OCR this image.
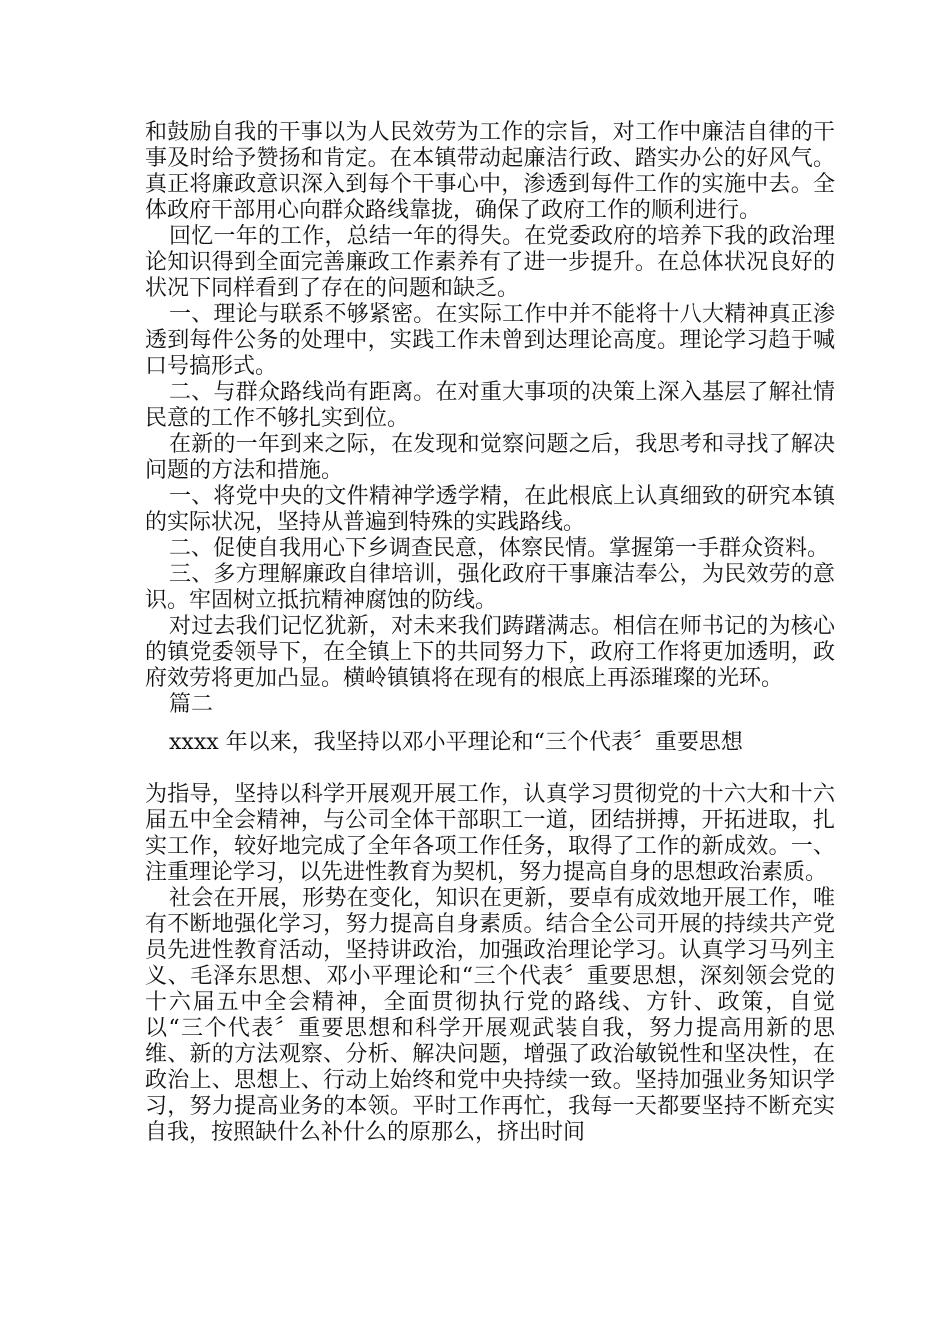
和鼓励自我的干事以为人民效劳为工作的宗旨，对工作中廉洁自律的干事及时给予赞扬和肯定。在本镇带动起廉洁行政、踏实办公的好风气。真正将廉政意识深入到每个干事心中，渗透到每件工作的实施中去。全体政府干部用心向群众路线靠拢，确保了政府工作的顺利进行。

回忆一年的工作，总结一年的得失。在党委政府的培养下我的政治理论知识得到全面完善廉政工作素养有了进一步提升。在总体状况良好的状况下同样看到了存在的问题和缺乏。

一、理论与联系不够紧密。在实际工作中并不能将十八大精神真正渗透到每件公务的处理中，实践工作未曾到达理论高度。理论学习趋于喊口号搞形式。

二、与群众路线尚有距离。在对重大事项的决策上深入基层了解社情民意的工作不够扎实到位。

在新的一年到来之际，在发现和觉察问题之后，我思考和寻找了解决问题的方法和措施。

一、将党中央的文件精神学透学精，在此根底上认真细致的研究本镇的实际状况，坚持从普遍到特殊的实践路线。

二、促使自我用心下乡调查民意，体察民情。掌握第一手群众资料。

三、多方理解廉政自律培训，强化政府干事廉洁奉公，为民效劳的意识。牢固树立抵抗精神腐蚀的防线。

对过去我们记忆犹新，对未来我们踌躇满志。相信在师书记的为核心的镇党委领导下，在全镇上下的共同努力下，政府工作将更加透明，政府效劳将更加凸显。横岭镇镇将在现有的根底上再添璀璨的光环。

篇二

xxxx 年以来，我坚持以邓小平理论和“三个代表〞重要思想

为指导，坚持以科学开展观开展工作，认真学习贯彻党的十六大和十六届五中全会精神，与公司全体干部职工一道，团结拼搏，开拓进取，扎实工作，较好地完成了全年各项工作任务，取得了工作的新成效。一、注重理论学习，以先进性教育为契机，努力提高自身的思想政治素质。

社会在开展，形势在变化，知识在更新，要卓有成效地开展工作，唯有不断地强化学习，努力提高自身素质。结合全公司开展的持续共产党员先进性教育活动，坚持讲政治，加强政治理论学习。认真学习马列主义、毛泽东思想、邓小平理论和“三个代表〞重要思想，深刻领会党的十六届五中全会精神，全面贯彻执行党的路线、方针、政策，自觉以“三个代表〞重要思想和科学开展观武装自我，努力提高用新的思维、新的方法观察、分析、解决问题，增强了政治敏锐性和坚决性，在政治上、思想上、行动上始终和党中央持续一致。坚持加强业务知识学习，努力提高业务的本领。平时工作再忙，我每一天都要坚持不断充实自我，按照缺什么补什么的原那么，挤出时间
